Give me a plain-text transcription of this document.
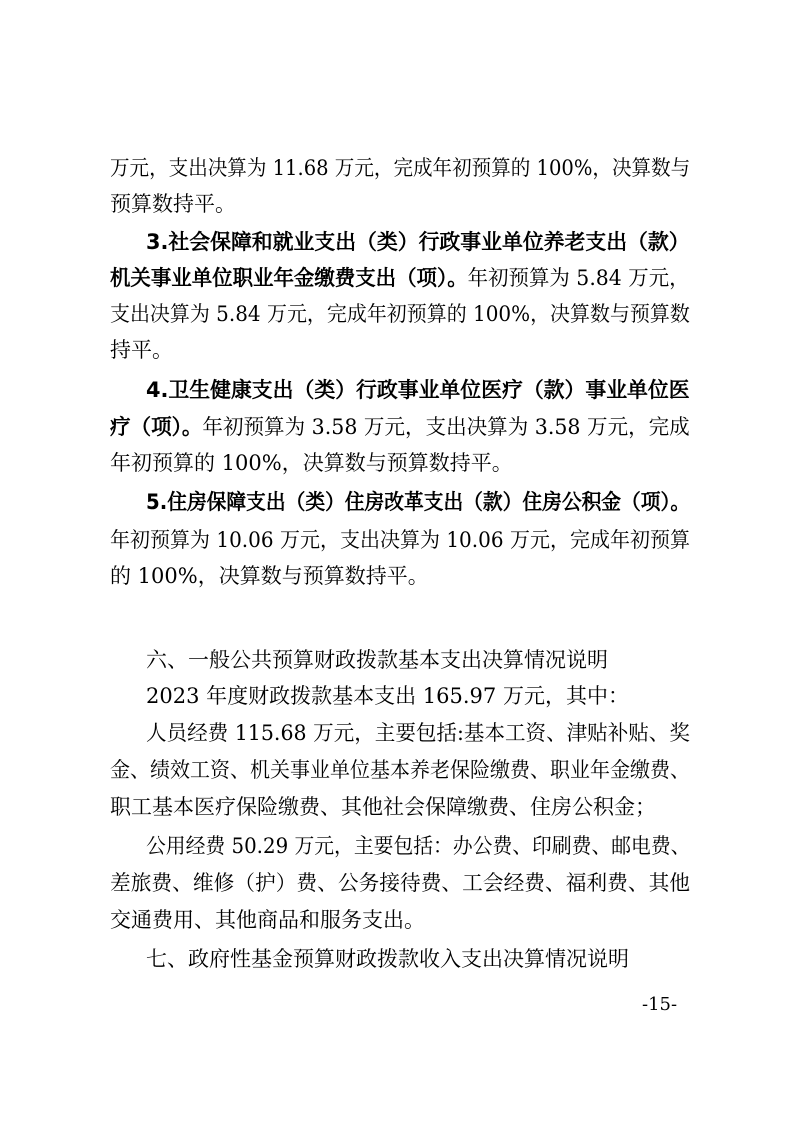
万元，支出决算为 11.68 万元，完成年初预算的 100%，决算数与
预算数持平。
3.社会保障和就业支出（类）行政事业单位养老支出（款）
机关事业单位职业年金缴费支出（项）。年初预算为 5.84 万元，
支出决算为 5.84 万元，完成年初预算的 100%，决算数与预算数
持平。
4.卫生健康支出（类）行政事业单位医疗（款）事业单位医
疗（项）。年初预算为 3.58 万元，支出决算为 3.58 万元，完成
年初预算的 100%，决算数与预算数持平。
5.住房保障支出（类）住房改革支出（款）住房公积金（项）。
年初预算为 10.06 万元，支出决算为 10.06 万元，完成年初预算
的 100%，决算数与预算数持平。
六、一般公共预算财政拨款基本支出决算情况说明
2023 年度财政拨款基本支出 165.97 万元，其中：
人员经费 115.68 万元，主要包括:基本工资、津贴补贴、奖
金、绩效工资、机关事业单位基本养老保险缴费、职业年金缴费、
职工基本医疗保险缴费、其他社会保障缴费、住房公积金；
公用经费 50.29 万元，主要包括：办公费、印刷费、邮电费、
差旅费、维修（护）费、公务接待费、工会经费、福利费、其他
交通费用、其他商品和服务支出。
七、政府性基金预算财政拨款收入支出决算情况说明
-15-
